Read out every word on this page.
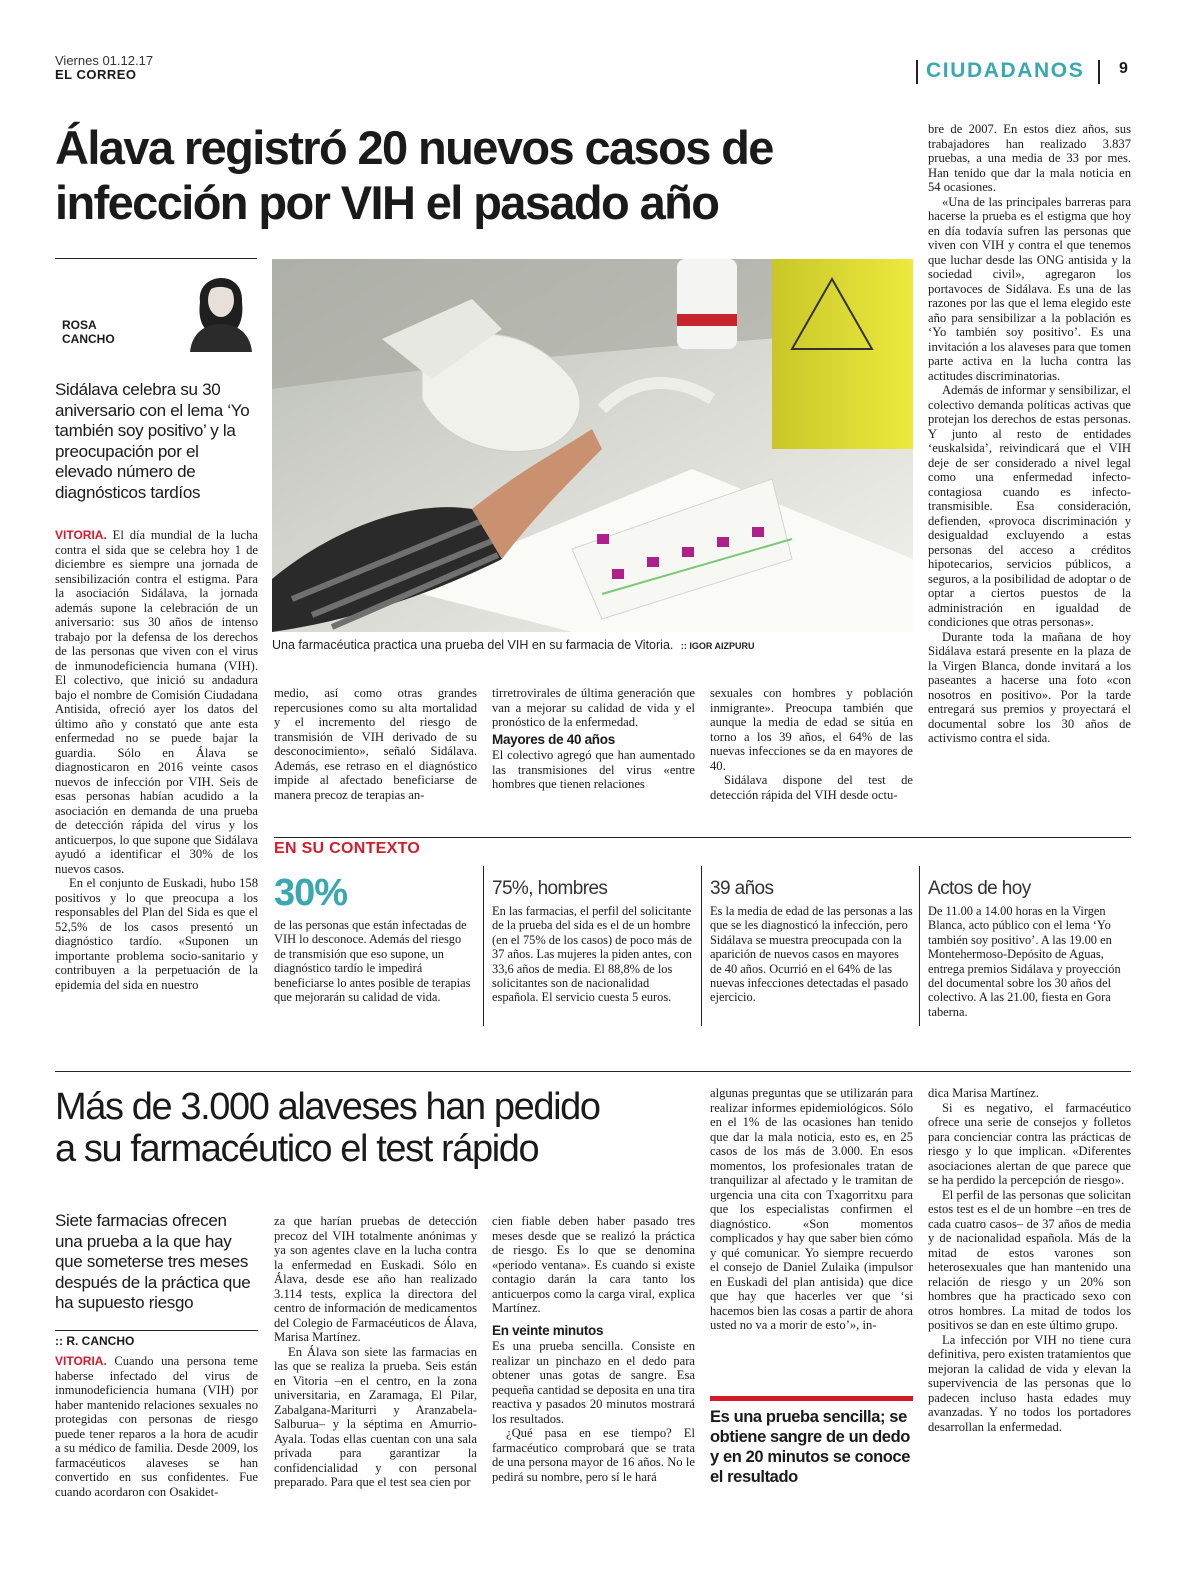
Viernes 01.12.17
EL CORREO	CIUDADANOS 9
Álava registró 20 nuevos casos de
infección por VIH el pasado año
ROSA
CANCHO
Sidálava celebra su 30 aniversario con el lema ‘Yo también soy positivo’ y la preocupación por el elevado número de diagnósticos tardíos
Una farmacéutica practica una prueba del VIH en su farmacia de Vitoria. :: IGOR AIZPURU

VITORIA. El día mundial de la lucha contra el sida que se celebra hoy 1 de diciembre es siempre una jornada de sensibilización contra el estigma. Para la asociación Sidálava, la jornada además supone la celebración de un aniversario: sus 30 años de intenso trabajo por la defensa de los derechos de las personas que viven con el virus de inmunodeficiencia humana (VIH). El colectivo, que inició su andadura bajo el nombre de Comisión Ciudadana Antisida, ofreció ayer los datos del último año y constató que ante esta enfermedad no se puede bajar la guardia. Sólo en Álava se diagnosticaron en 2016 veinte casos nuevos de infección por VIH. Seis de esas personas habían acudido a la asociación en demanda de una prueba de detección rápida del virus y los anticuerpos, lo que supone que Sidálava ayudó a identificar el 30% de los nuevos casos.

En el conjunto de Euskadi, hubo 158 positivos y lo que preocupa a los responsables del Plan del Sida es que el 52,5% de los casos presentó un diagnóstico tardío. «Suponen un importante problema socio-sanitario y contribuyen a la perpetuación de la epidemia del sida en nuestro

medio, así como otras grandes repercusiones como su alta mortalidad y el incremento del riesgo de transmisión de VIH derivado de su desconocimiento», señaló Sidálava. Además, ese retraso en el diagnóstico impide al afectado beneficiarse de manera precoz de terapias an-

tirretrovirales de última generación que van a mejorar su calidad de vida y el pronóstico de la enfermedad.

Mayores de 40 años

El colectivo agregó que han aumentado las transmisiones del virus «entre hombres que tienen relaciones

sexuales con hombres y población inmigrante». Preocupa también que aunque la media de edad se sitúa en torno a los 39 años, el 64% de las nuevas infecciones se da en mayores de 40.

Sidálava dispone del test de detección rápida del VIH desde octu-

bre de 2007. En estos diez años, sus trabajadores han realizado 3.837 pruebas, a una media de 33 por mes. Han tenido que dar la mala noticia en 54 ocasiones.

«Una de las principales barreras para hacerse la prueba es el estigma que hoy en día todavía sufren las personas que viven con VIH y contra el que tenemos que luchar desde las ONG antisida y la sociedad civil», agregaron los portavoces de Sidálava. Es una de las razones por las que el lema elegido este año para sensibilizar a la población es ‘Yo también soy positivo’. Es una invitación a los alaveses para que tomen parte activa en la lucha contra las actitudes discriminatorias.

Además de informar y sensibilizar, el colectivo demanda políticas activas que protejan los derechos de estas personas. Y junto al resto de entidades ‘euskalsida’, reivindicará que el VIH deje de ser considerado a nivel legal como una enfermedad infecto-contagiosa cuando es infecto-transmisible. Esa consideración, defienden, «provoca discriminación y desigualdad excluyendo a estas personas del acceso a créditos hipotecarios, servicios públicos, a seguros, a la posibilidad de adoptar o de optar a ciertos puestos de la administración en igualdad de condiciones que otras personas».

Durante toda la mañana de hoy Sidálava estará presente en la plaza de la Virgen Blanca, donde invitará a los paseantes a hacerse una foto «con nosotros en positivo». Por la tarde entregará sus premios y proyectará el documental sobre los 30 años de activismo contra el sida.

EN SU CONTEXTO
30%
de las personas que están infectadas de VIH lo desconoce. Además del riesgo de transmisión que eso supone, un diagnóstico tardío le impedirá beneficiarse lo antes posible de terapias que mejorarán su calidad de vida.
75%, hombres
En las farmacias, el perfil del solicitante de la prueba del sida es el de un hombre (en el 75% de los casos) de poco más de 37 años. Las mujeres la piden antes, con 33,6 años de media. El 88,8% de los solicitantes son de nacionalidad española. El servicio cuesta 5 euros.
39 años
Es la media de edad de las personas a las que se les diagnosticó la infección, pero Sidálava se muestra preocupada con la aparición de nuevos casos en mayores de 40 años. Ocurrió en el 64% de las nuevas infecciones detectadas el pasado ejercicio.
Actos de hoy
De 11.00 a 14.00 horas en la Virgen Blanca, acto público con el lema ‘Yo también soy positivo’. A las 19.00 en Montehermoso-Depósito de Aguas, entrega premios Sidálava y proyección del documental sobre los 30 años del colectivo. A las 21.00, fiesta en Gora taberna.
Más de 3.000 alaveses han pedido
a su farmacéutico el test rápido
Siete farmacias ofrecen una prueba a la que hay que someterse tres meses después de la práctica que ha supuesto riesgo
:: R. CANCHO

VITORIA. Cuando una persona teme haberse infectado del virus de inmunodeficiencia humana (VIH) por haber mantenido relaciones sexuales no protegidas con personas de riesgo puede tener reparos a la hora de acudir a su médico de familia. Desde 2009, los farmacéuticos alaveses se han convertido en sus confidentes. Fue cuando acordaron con Osakidet-

za que harían pruebas de detección precoz del VIH totalmente anónimas y ya son agentes clave en la lucha contra la enfermedad en Euskadi. Sólo en Álava, desde ese año han realizado 3.114 tests, explica la directora del centro de información de medicamentos del Colegio de Farmacéuticos de Álava, Marisa Martínez.

En Álava son siete las farmacias en las que se realiza la prueba. Seis están en Vitoria –en el centro, en la zona universitaria, en Zaramaga, El Pilar, Zabalgana-Mariturri y Aranzabela-Salburua– y la séptima en Amurrio-Ayala. Todas ellas cuentan con una sala privada para garantizar la confidencialidad y con personal preparado. Para que el test sea cien por

cien fiable deben haber pasado tres meses desde que se realizó la práctica de riesgo. Es lo que se denomina «periodo ventana». Es cuando si existe contagio darán la cara tanto los anticuerpos como la carga viral, explica Martínez.

En veinte minutos

Es una prueba sencilla. Consiste en realizar un pinchazo en el dedo para obtener unas gotas de sangre. Esa pequeña cantidad se deposita en una tira reactiva y pasados 20 minutos mostrará los resultados.

¿Qué pasa en ese tiempo? El farmacéutico comprobará que se trata de una persona mayor de 16 años. No le pedirá su nombre, pero sí le hará

algunas preguntas que se utilizarán para realizar informes epidemiológicos. Sólo en el 1% de las ocasiones han tenido que dar la mala noticia, esto es, en 25 casos de los más de 3.000. En esos momentos, los profesionales tratan de tranquilizar al afectado y le tramitan de urgencia una cita con Txagorritxu para que los especialistas confirmen el diagnóstico. «Son momentos complicados y hay que saber bien cómo y qué comunicar. Yo siempre recuerdo el consejo de Daniel Zulaika (impulsor en Euskadi del plan antisida) que dice que hay que hacerles ver que ‘si hacemos bien las cosas a partir de ahora usted no va a morir de esto’», in-

Es una prueba sencilla; se obtiene sangre de un dedo y en 20 minutos se conoce el resultado

dica Marisa Martínez.

Si es negativo, el farmacéutico ofrece una serie de consejos y folletos para concienciar contra las prácticas de riesgo y lo que implican. «Diferentes asociaciones alertan de que parece que se ha perdido la percepción de riesgo».

El perfil de las personas que solicitan estos test es el de un hombre –en tres de cada cuatro casos– de 37 años de media y de nacionalidad española. Más de la mitad de estos varones son heterosexuales que han mantenido una relación de riesgo y un 20% son hombres que ha practicado sexo con otros hombres. La mitad de todos los positivos se dan en este último grupo.

La infección por VIH no tiene cura definitiva, pero existen tratamientos que mejoran la calidad de vida y elevan la supervivencia de las personas que lo padecen incluso hasta edades muy avanzadas. Y no todos los portadores desarrollan la enfermedad.
